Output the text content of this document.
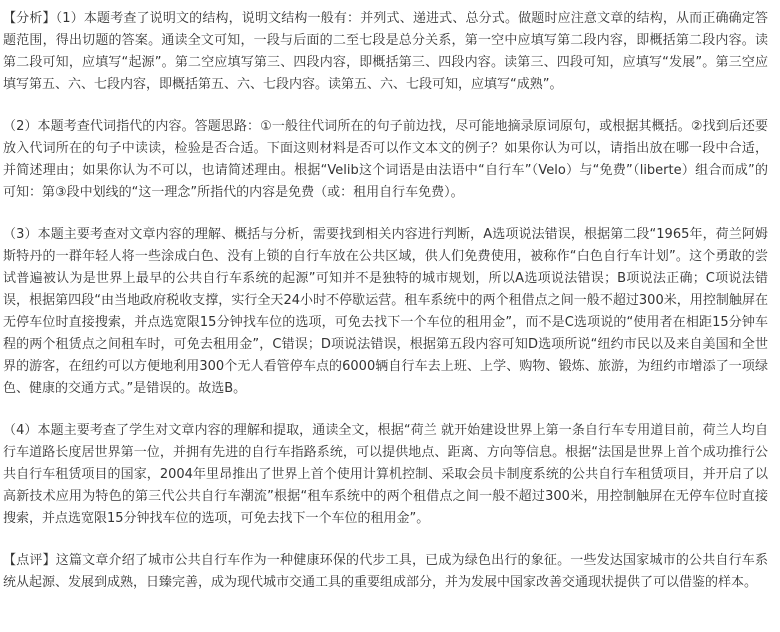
【分析】（1）本题考查了说明文的结构，说明文结构一般有：并列式、递进式、总分式。做题时应注意文章的结构，从而正确确定答题范围，得出切题的答案。通读全文可知，一段与后面的二至七段是总分关系，第一空中应填写第二段内容，即概括第二段内容。读第二段可知，应填写“起源”。第二空应填写第三、四段内容，即概括第三、四段内容。读第三、四段可知，应填写“发展”。第三空应填写第五、六、七段内容，即概括第五、六、七段内容。读第五、六、七段可知，应填写“成熟”。

（2）本题考查代词指代的内容。答题思路：①一般往代词所在的句子前边找，尽可能地摘录原词原句，或根据其概括。②找到后还要放入代词所在的句子中读读，检验是否合适。下面这则材料是否可以作文本文的例子？如果你认为可以，请指出放在哪一段中合适，并简述理由；如果你认为不可以，也请简述理由。根据“Velib这个词语是由法语中“自行车”（Velo）与“免费”（liberte）组合而成”的可知：第③段中划线的“这一理念”所指代的内容是免费（或：租用自行车免费）。

（3）本题主要考查对文章内容的理解、概括与分析，需要找到相关内容进行判断，A选项说法错误，根据第二段“1965年，荷兰阿姆斯特丹的一群年轻人将一些涂成白色、没有上锁的自行车放在公共区域，供人们免费使用，被称作“白色自行车计划”。这个勇敢的尝试普遍被认为是世界上最早的公共自行车系统的起源”可知并不是独特的城市规划，所以A选项说法错误；B项说法正确；C项说法错误，根据第四段“由当地政府税收支撑，实行全天24小时不停歇运营。租车系统中的两个租借点之间一般不超过300米，用控制触屏在无停车位时直接搜索，并点选宽限15分钟找车位的选项，可免去找下一个车位的租用金”，而不是C选项说的“使用者在相距15分钟车程的两个租赁点之间租车时，可免去租用金”，C错误；D项说法错误，根据第五段内容可知D选项所说“纽约市民以及来自美国和全世界的游客，在纽约可以方便地利用300个无人看管停车点的6000辆自行车去上班、上学、购物、锻炼、旅游，为纽约市增添了一项绿色、健康的交通方式。”是错误的。故选B。

（4）本题主要考查了学生对文章内容的理解和提取，通读全文，根据“荷兰 就开始建设世界上第一条自行车专用道目前，荷兰人均自行车道路长度居世界第一位，并拥有先进的自行车指路系统，可以提供地点、距离、方向等信息。根据“法国是世界上首个成功推行公共自行车租赁项目的国家，2004年里昂推出了世界上首个使用计算机控制、采取会员卡制度系统的公共自行车租赁项目，并开启了以高新技术应用为特色的第三代公共自行车潮流”根据“租车系统中的两个租借点之间一般不超过300米，用控制触屏在无停车位时直接搜索，并点选宽限15分钟找车位的选项，可免去找下一个车位的租用金”。

【点评】这篇文章介绍了城市公共自行车作为一种健康环保的代步工具，已成为绿色出行的象征。一些发达国家城市的公共自行车系统从起源、发展到成熟，日臻完善，成为现代城市交通工具的重要组成部分，并为发展中国家改善交通现状提供了可以借鉴的样本。
